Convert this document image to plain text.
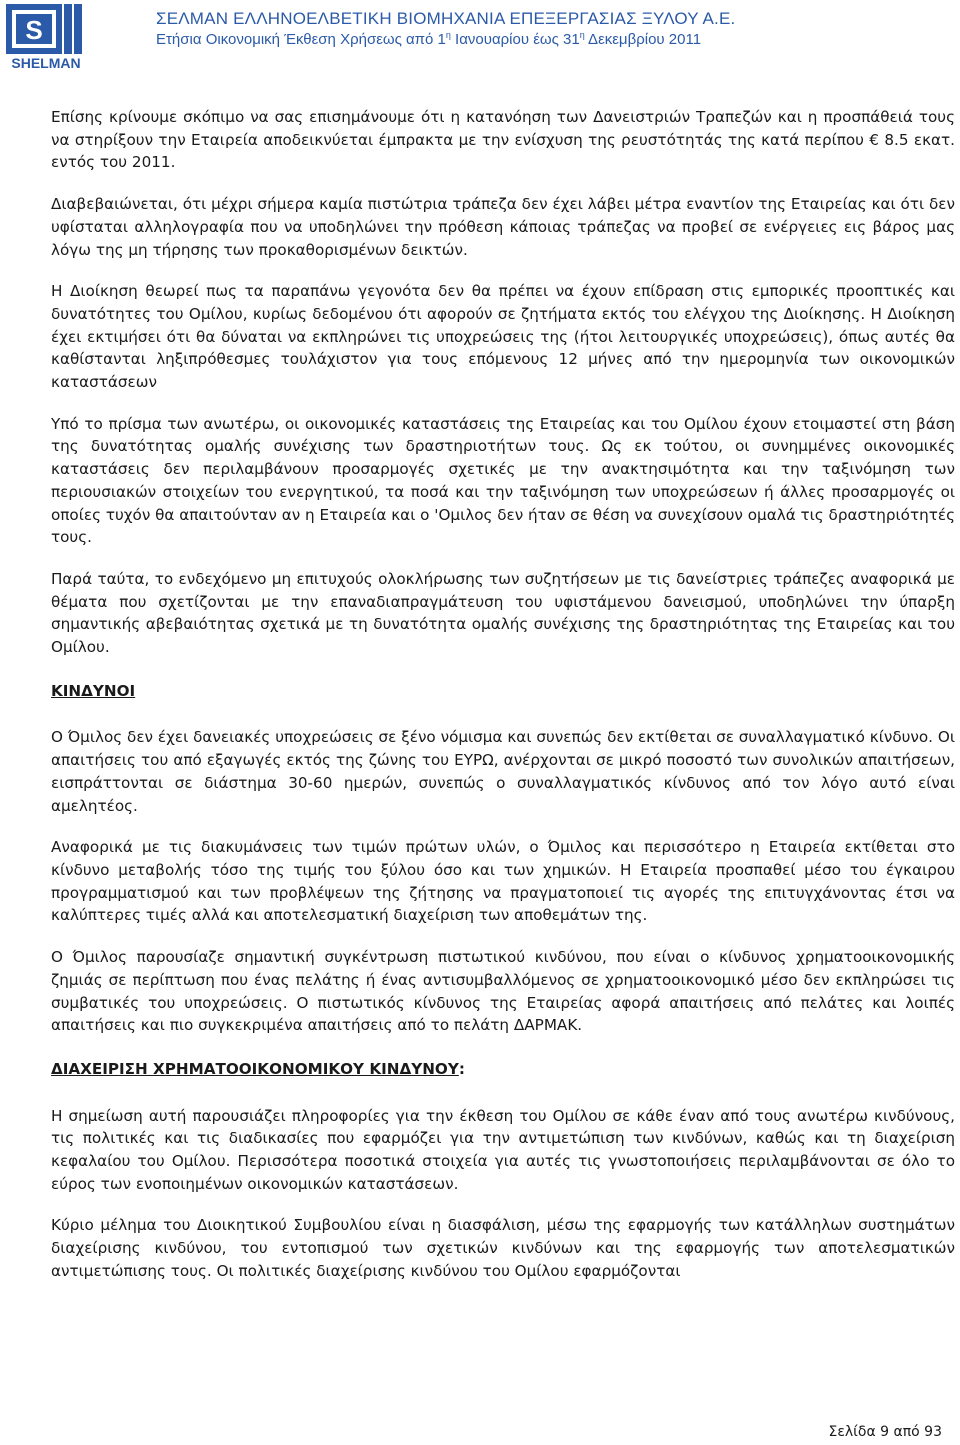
S
SHELMAN
ΣΕΛΜΑΝ ΕΛΛΗΝΟΕΛΒΕΤΙΚΗ ΒΙΟΜΗΧΑΝΙΑ ΕΠΕΞΕΡΓΑΣΙΑΣ ΞΥΛΟΥ Α.Ε.
Ετήσια Οικονομική Έκθεση Χρήσεως από $1^\eta$ Ιανουαρίου έως $31^\eta$ Δεκεμβρίου 2011

Επίσης κρίνουμε σκόπιμο να σας επισημάνουμε ότι η κατανόηση των Δανειστριών Τραπεζών και η προσπάθειά τους να στηρίξουν την Εταιρεία αποδεικνύεται έμπρακτα με την ενίσχυση της ρευστότητάς της κατά περίπου € 8.5 εκατ. εντός του 2011.

Διαβεβαιώνεται, ότι μέχρι σήμερα καμία πιστώτρια τράπεζα δεν έχει λάβει μέτρα εναντίον της Εταιρείας και ότι δεν υφίσταται αλληλογραφία που να υποδηλώνει την πρόθεση κάποιας τράπεζας να προβεί σε ενέργειες εις βάρος μας λόγω της μη τήρησης των προκαθορισμένων δεικτών.

Η Διοίκηση θεωρεί πως τα παραπάνω γεγονότα δεν θα πρέπει να έχουν επίδραση στις εμπορικές προοπτικές και δυνατότητες του Ομίλου, κυρίως δεδομένου ότι αφορούν σε ζητήματα εκτός του ελέγχου της Διοίκησης. Η Διοίκηση έχει εκτιμήσει ότι θα δύναται να εκπληρώνει τις υποχρεώσεις της (ήτοι λειτουργικές υποχρεώσεις), όπως αυτές θα καθίστανται ληξιπρόθεσμες τουλάχιστον για τους επόμενους 12 μήνες από την ημερομηνία των οικονομικών καταστάσεων

Υπό το πρίσμα των ανωτέρω, οι οικονομικές καταστάσεις της Εταιρείας και του Ομίλου έχουν ετοιμαστεί στη βάση της δυνατότητας ομαλής συνέχισης των δραστηριοτήτων τους. Ως εκ τούτου, οι συνημμένες οικονομικές καταστάσεις δεν περιλαμβάνουν προσαρμογές σχετικές με την ανακτησιμότητα και την ταξινόμηση των περιουσιακών στοιχείων του ενεργητικού, τα ποσά και την ταξινόμηση των υποχρεώσεων ή άλλες προσαρμογές οι οποίες τυχόν θα απαιτούνταν αν η Εταιρεία και ο 'Ομιλος δεν ήταν σε θέση να συνεχίσουν ομαλά τις δραστηριότητές τους.

Παρά ταύτα, το ενδεχόμενο μη επιτυχούς ολοκλήρωσης των συζητήσεων με τις δανείστριες τράπεζες αναφορικά με θέματα που σχετίζονται με την επαναδιαπραγμάτευση του υφιστάμενου δανεισμού, υποδηλώνει την ύπαρξη σημαντικής αβεβαιότητας σχετικά με τη δυνατότητα ομαλής συνέχισης της δραστηριότητας της Εταιρείας και του Ομίλου.

ΚΙΝΔΥΝΟΙ

Ο Όμιλος δεν έχει δανειακές υποχρεώσεις σε ξένο νόμισμα και συνεπώς δεν εκτίθεται σε συναλλαγματικό κίνδυνο. Οι απαιτήσεις του από εξαγωγές εκτός της ζώνης του ΕΥΡΩ, ανέρχονται σε μικρό ποσοστό των συνολικών απαιτήσεων, εισπράττονται σε διάστημα 30-60 ημερών, συνεπώς ο συναλλαγματικός κίνδυνος από τον λόγο αυτό είναι αμελητέος.

Αναφορικά με τις διακυμάνσεις των τιμών πρώτων υλών, ο Όμιλος και περισσότερο η Εταιρεία εκτίθεται στο κίνδυνο μεταβολής τόσο της τιμής του ξύλου όσο και των χημικών. Η Εταιρεία προσπαθεί μέσο του έγκαιρου προγραμματισμού και των προβλέψεων της ζήτησης να πραγματοποιεί τις αγορές της επιτυγχάνοντας έτσι να καλύπτερες τιμές αλλά και αποτελεσματική διαχείριση των αποθεμάτων της.

Ο Όμιλος παρουσίαζε σημαντική συγκέντρωση πιστωτικού κινδύνου, που είναι ο κίνδυνος χρηματοοικονομικής ζημιάς σε περίπτωση που ένας πελάτης ή ένας αντισυμβαλλόμενος σε χρηματοοικονομικό μέσο δεν εκπληρώσει τις συμβατικές του υποχρεώσεις. Ο πιστωτικός κίνδυνος της Εταιρείας αφορά απαιτήσεις από πελάτες και λοιπές απαιτήσεις και πιο συγκεκριμένα απαιτήσεις από το πελάτη ΔΑΡΜΑΚ.

ΔΙΑΧΕΙΡΙΣΗ ΧΡΗΜΑΤΟΟΙΚΟΝΟΜΙΚΟΥ ΚΙΝΔΥΝΟΥ:

Η σημείωση αυτή παρουσιάζει πληροφορίες για την έκθεση του Ομίλου σε κάθε έναν από τους ανωτέρω κινδύνους, τις πολιτικές και τις διαδικασίες που εφαρμόζει για την αντιμετώπιση των κινδύνων, καθώς και τη διαχείριση κεφαλαίου του Ομίλου. Περισσότερα ποσοτικά στοιχεία για αυτές τις γνωστοποιήσεις περιλαμβάνονται σε όλο το εύρος των ενοποιημένων οικονομικών καταστάσεων.

Κύριο μέλημα του Διοικητικού Συμβουλίου είναι η διασφάλιση, μέσω της εφαρμογής των κατάλληλων συστημάτων διαχείρισης κινδύνου, του εντοπισμού των σχετικών κινδύνων και της εφαρμογής των αποτελεσματικών αντιμετώπισης τους. Οι πολιτικές διαχείρισης κινδύνου του Ομίλου εφαρμόζονται

Σελίδα 9 από 93
